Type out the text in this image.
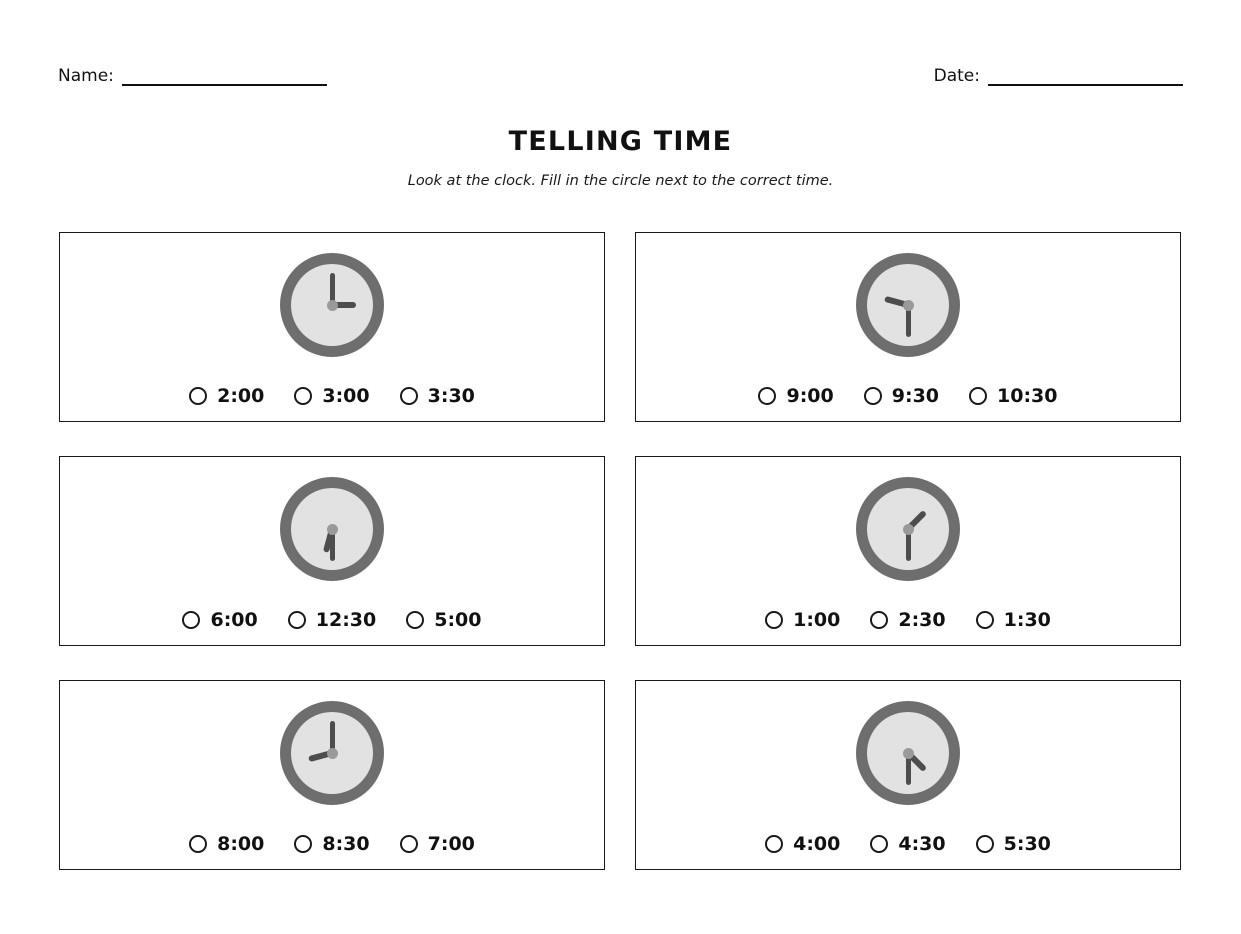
Name:	Date:
TELLING TIME
Look at the clock. Fill in the circle next to the correct time.
2:00	3:00	3:30	9:00	9:30	10:30
6:00	12:30	5:00	1:00	2:30	1:30
8:00	8:30	7:00	4:00	4:30	5:30
